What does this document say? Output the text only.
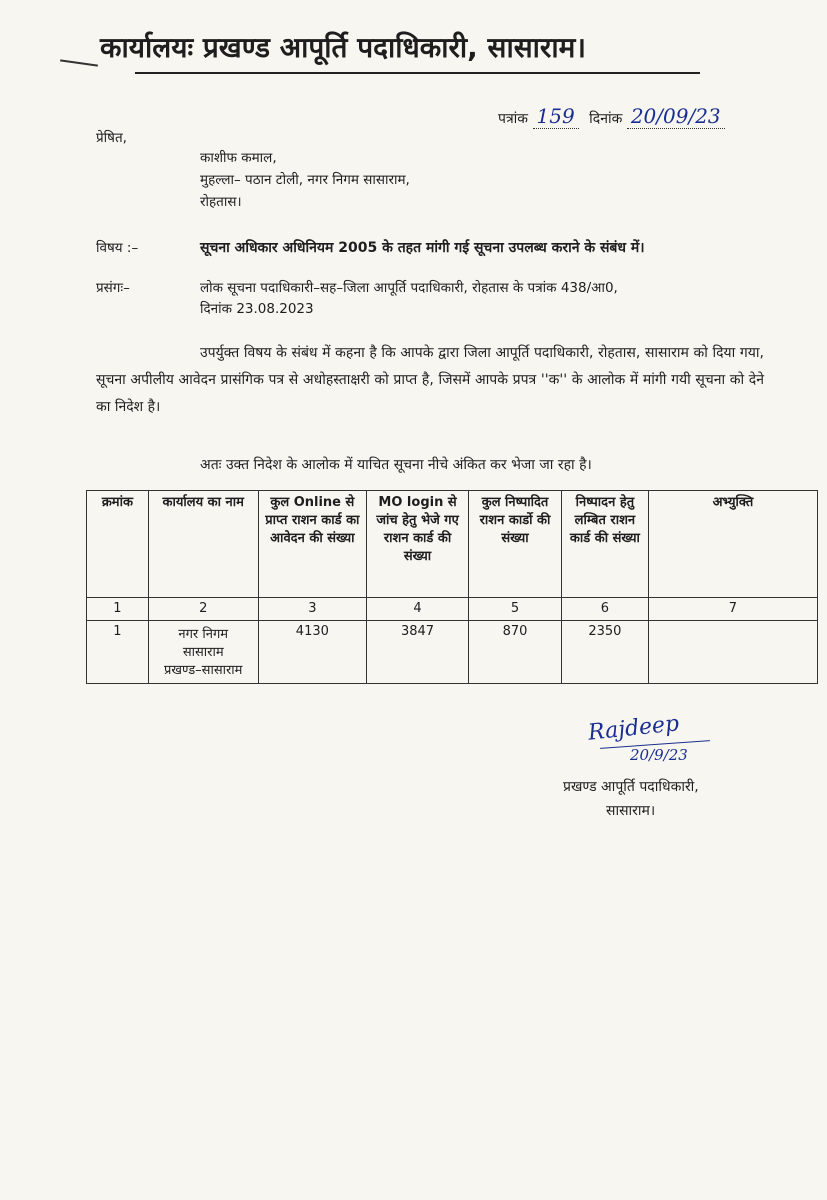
कार्यालयः प्रखण्ड आपूर्ति पदाधिकारी, सासाराम।
पत्रांक 159 दिनांक 20/09/23
प्रेषित,
काशीफ कमाल,
मुहल्ला– पठान टोली, नगर निगम सासाराम,
रोहतास।
विषय :–	सूचना अधिकार अधिनियम 2005 के तहत मांगी गई सूचना उपलब्ध कराने के संबंध में।
प्रसंगः–	लोक सूचना पदाधिकारी–सह–जिला आपूर्ति पदाधिकारी, रोहतास के पत्रांक 438/आ0,
दिनांक 23.08.2023
उपर्युक्त विषय के संबंध में कहना है कि आपके द्वारा जिला आपूर्ति पदाधिकारी, रोहतास, सासाराम को दिया गया, सूचना अपीलीय आवेदन प्रासंगिक पत्र से अधोहस्ताक्षरी को प्राप्त है, जिसमें आपके प्रपत्र ''क'' के आलोक में मांगी गयी सूचना को देने का निदेश है।
अतः उक्त निदेश के आलोक में याचित सूचना नीचे अंकित कर भेजा जा रहा है।
क्रमांक	कार्यालय का नाम	कुल Online से प्राप्त राशन कार्ड का आवेदन की संख्या	MO login से जांच हेतु भेजे गए राशन कार्ड की संख्या	कुल निष्पादित राशन कार्डो की संख्या	निष्पादन हेतु लम्बित राशन कार्ड की संख्या	अभ्युक्ति
1	2	3	4	5	6	7
1	नगर निगम
सासाराम
प्रखण्ड–सासाराम	4130	3847	870	2350	
Rajdeep
20/9/23
प्रखण्ड आपूर्ति पदाधिकारी,
सासाराम।
